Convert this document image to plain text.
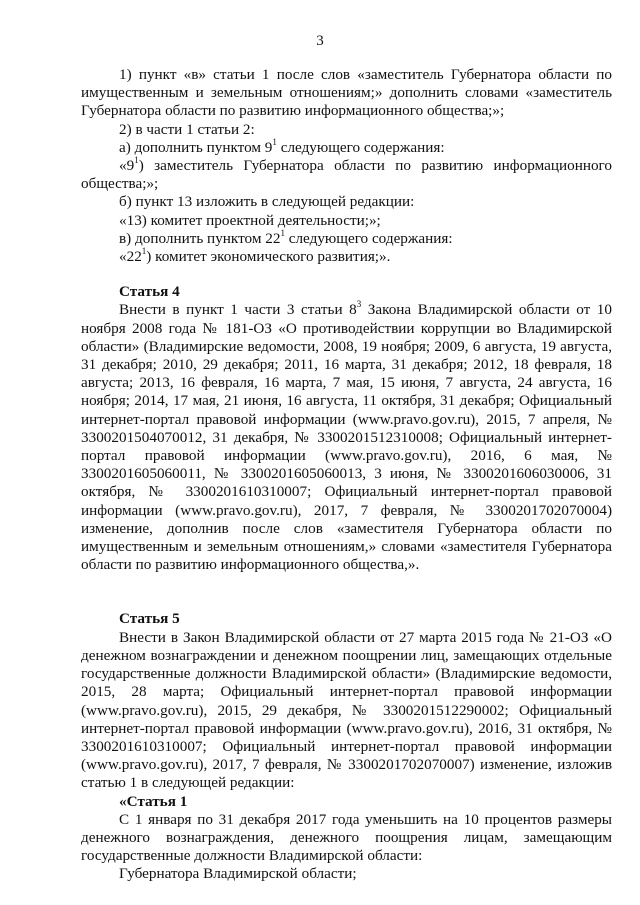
3

1) пункт «в» статьи 1 после слов «заместитель Губернатора области по имущественным и земельным отношениям;» дополнить словами «заместитель Губернатора области по развитию информационного общества;»;

2) в части 1 статьи 2:

а) дополнить пунктом $9^1$ следующего содержания:

«$9^1$) заместитель Губернатора области по развитию информационного общества;»;

б) пункт 13 изложить в следующей редакции:

«13) комитет проектной деятельности;»;

в) дополнить пунктом $22^1$ следующего содержания:

«$22^1$) комитет экономического развития;».

Статья 4

Внести в пункт 1 части 3 статьи $8^3$ Закона Владимирской области от 10 ноября 2008 года № 181-ОЗ «О противодействии коррупции во Владимирской области» (Владимирские ведомости, 2008, 19 ноября; 2009, 6 августа, 19 августа, 31 декабря; 2010, 29 декабря; 2011, 16 марта, 31 декабря; 2012, 18 февраля, 18 августа; 2013, 16 февраля, 16 марта, 7 мая, 15 июня, 7 августа, 24 августа, 16 ноября; 2014, 17 мая, 21 июня, 16 августа, 11 октября, 31 декабря; Официальный интернет-портал правовой информации (www.pravo.gov.ru), 2015, 7 апреля, № 3300201504070012, 31 декабря, № 3300201512310008; Официальный интернет-портал правовой информации (www.pravo.gov.ru), 2016, 6 мая, № 3300201605060011, № 3300201605060013, 3 июня, № 3300201606030006, 31 октября, № 3300201610310007; Официальный интернет-портал правовой информации (www.pravo.gov.ru), 2017, 7 февраля, № 3300201702070004) изменение, дополнив после слов «заместителя Губернатора области по имущественным и земельным отношениям,» словами «заместителя Губернатора области по развитию информационного общества,».

Статья 5

Внести в Закон Владимирской области от 27 марта 2015 года № 21-ОЗ «О денежном вознаграждении и денежном поощрении лиц, замещающих отдельные государственные должности Владимирской области» (Владимирские ведомости, 2015, 28 марта; Официальный интернет-портал правовой информации (www.pravo.gov.ru), 2015, 29 декабря, № 3300201512290002; Официальный интернет-портал правовой информации (www.pravo.gov.ru), 2016, 31 октября, № 3300201610310007; Официальный интернет-портал правовой информации (www.pravo.gov.ru), 2017, 7 февраля, № 3300201702070007) изменение, изложив статью 1 в следующей редакции:

«Статья 1

С 1 января по 31 декабря 2017 года уменьшить на 10 процентов размеры денежного вознаграждения, денежного поощрения лицам, замещающим государственные должности Владимирской области:

Губернатора Владимирской области;
